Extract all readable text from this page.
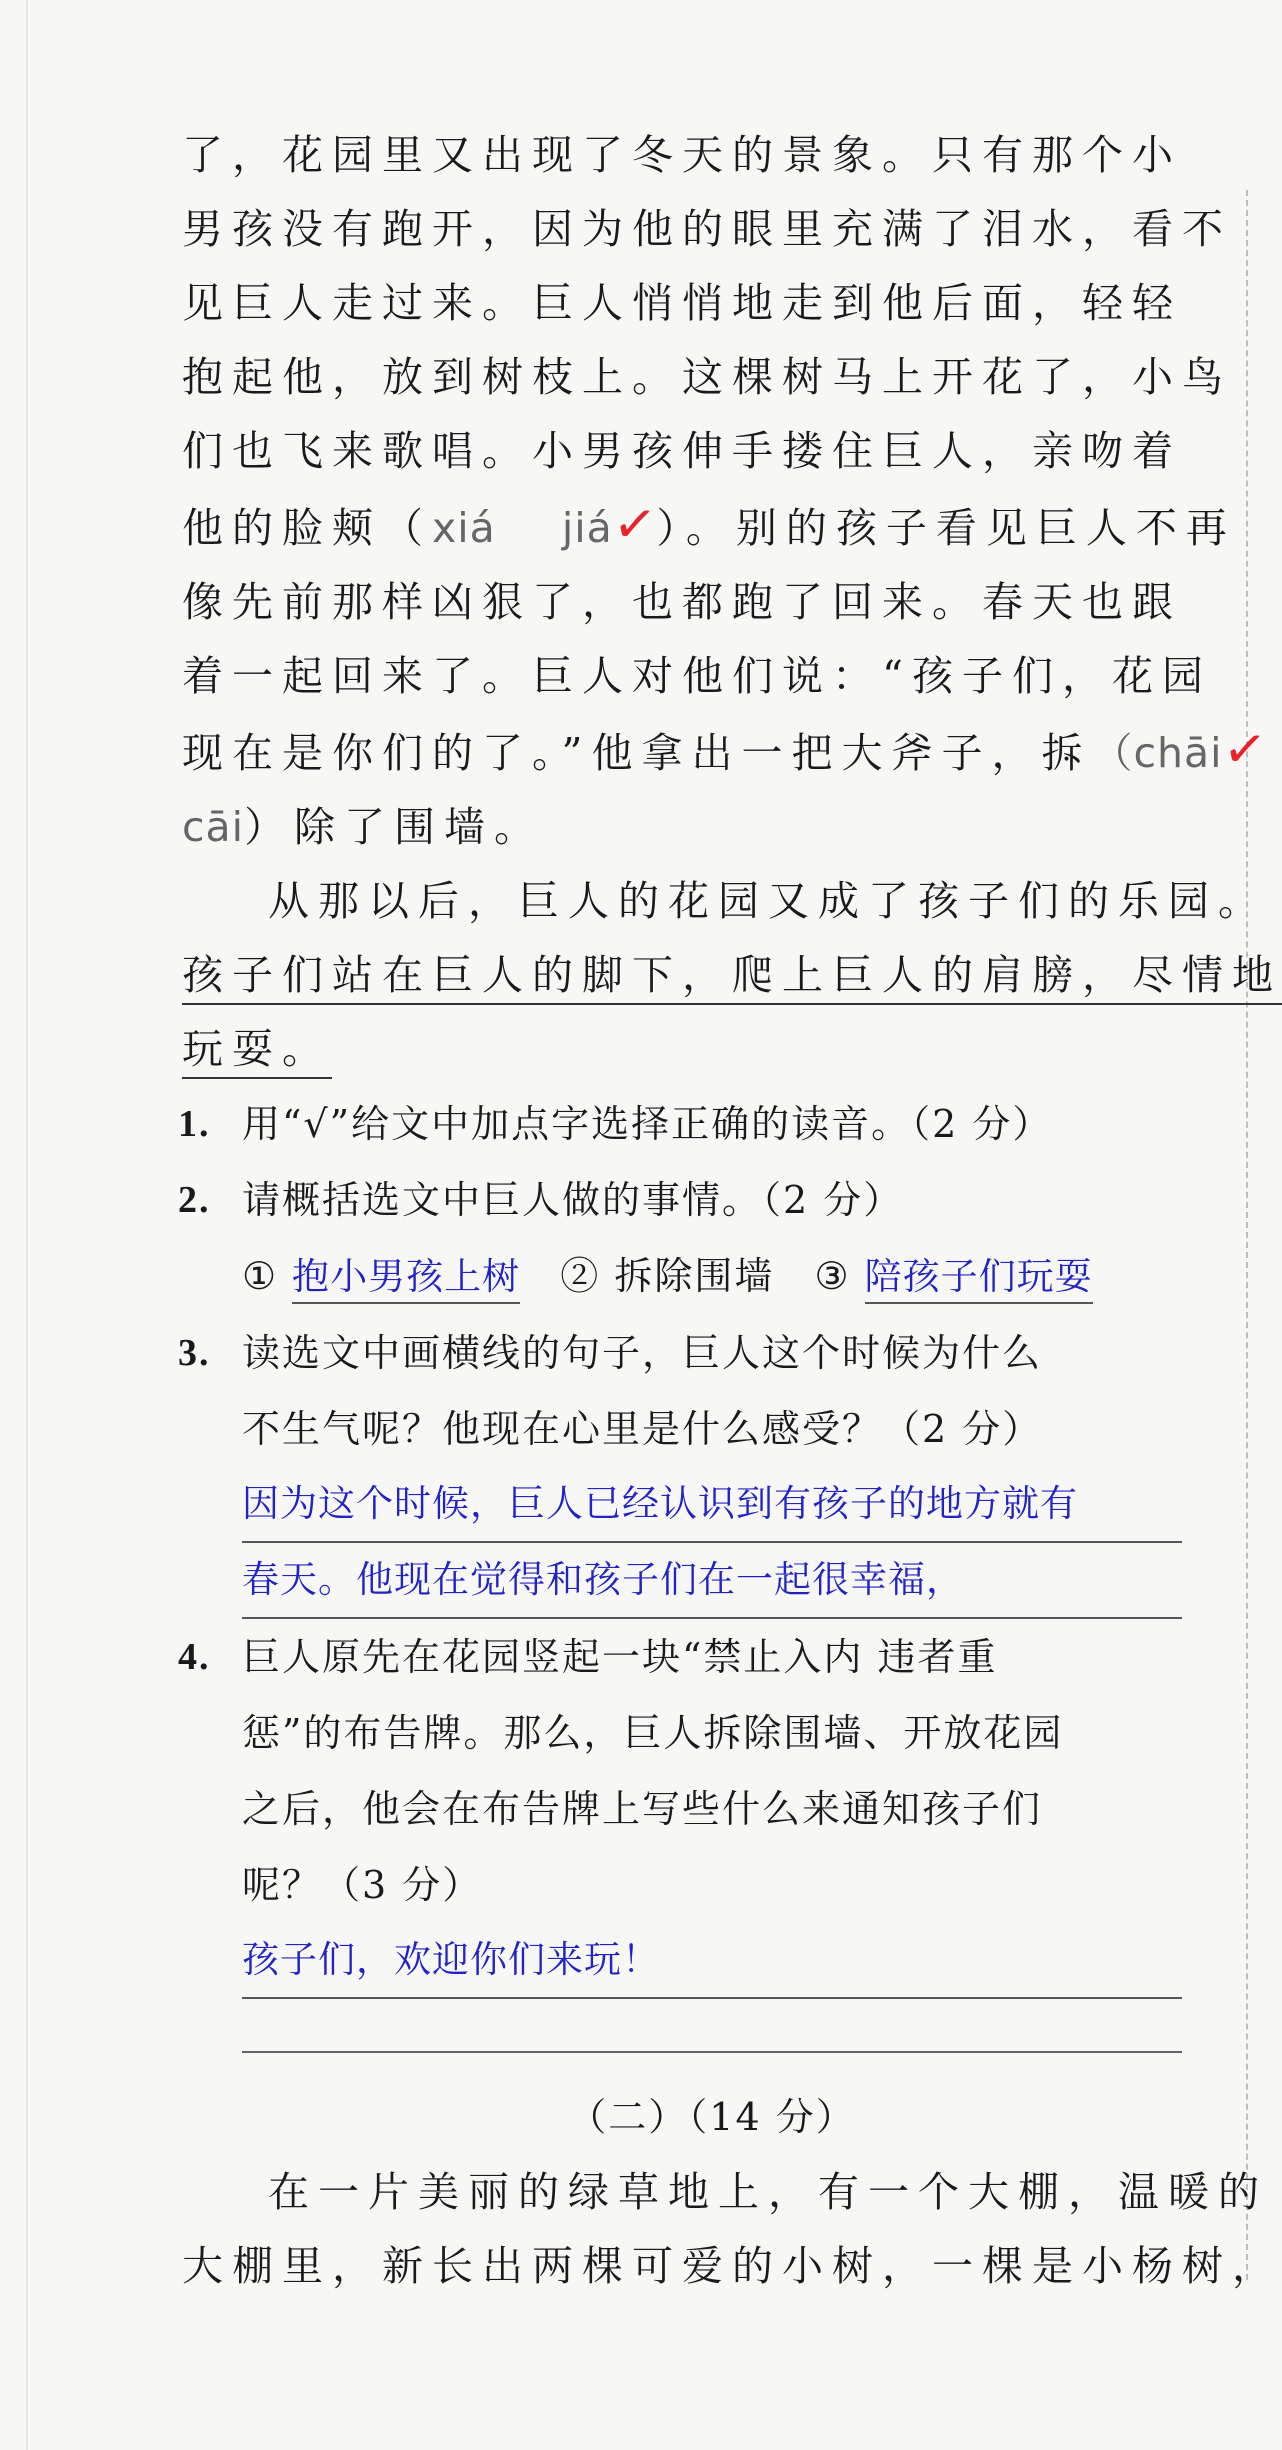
了，花园里又出现了冬天的景象。只有那个小

男孩没有跑开，因为他的眼里充满了泪水，看不

见巨人走过来。巨人悄悄地走到他后面，轻轻

抱起他，放到树枝上。这棵树马上开花了，小鸟

们也飞来歌唱。小男孩伸手搂住巨人，亲吻着

他的脸颊 •（xiá jiá✓）。别的孩子看见巨人不再

像先前那样凶狠了，也都跑了回来。春天也跟

着一起回来了。巨人对他们说：“孩子们，花园

现在是你们的了。”他拿出一把大斧子，拆 •（chāi✓

cāi）除了围墙。

从那以后，巨人的花园又成了孩子们的乐园。

孩子们站在巨人的脚下，爬上巨人的肩膀，尽情地

玩耍。

1. 用“√”给文中加点字选择正确的读音。（2 分）

2. 请概括选文中巨人做的事情。（2 分）

① 抱小男孩上树 ② 拆除围墙 ③ 陪孩子们玩耍

3. 读选文中画横线的句子，巨人这个时候为什么

不生气呢？他现在心里是什么感受？（2 分）

因为这个时候，巨人已经认识到有孩子的地方就有

春天。他现在觉得和孩子们在一起很幸福，

4. 巨人原先在花园竖起一块“禁止入内 违者重

惩”的布告牌。那么，巨人拆除围墙、开放花园

之后，他会在布告牌上写些什么来通知孩子们

呢？（3 分）

孩子们，欢迎你们来玩！

（二）（14 分）

在一片美丽的绿草地上，有一个大棚，温暖的

大棚里，新长出两棵可爱的小树，一棵是小杨树，
